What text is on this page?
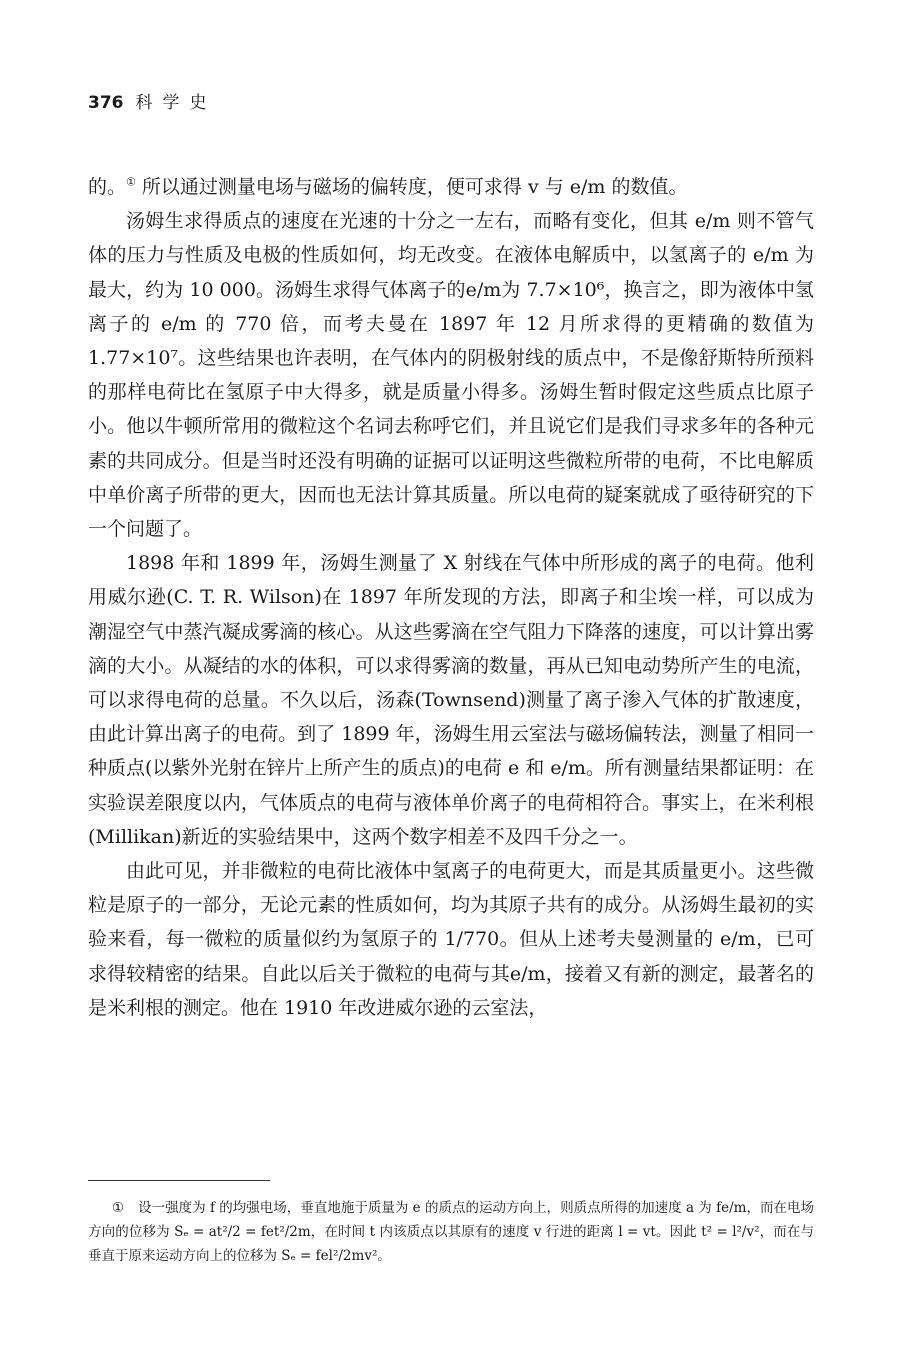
376 科学史

的。① 所以通过测量电场与磁场的偏转度，便可求得 v 与 e/m 的数值。

汤姆生求得质点的速度在光速的十分之一左右，而略有变化，但其 e/m 则不管气体的压力与性质及电极的性质如何，均无改变。在液体电解质中，以氢离子的 e/m 为最大，约为 10 000。汤姆生求得气体离子的e/m为 7.7×10⁶，换言之，即为液体中氢离子的 e/m 的 770 倍，而考夫曼在 1897 年 12 月所求得的更精确的数值为 1.77×10⁷。这些结果也许表明，在气体内的阴极射线的质点中，不是像舒斯特所预料的那样电荷比在氢原子中大得多，就是质量小得多。汤姆生暂时假定这些质点比原子小。他以牛顿所常用的微粒这个名词去称呼它们，并且说它们是我们寻求多年的各种元素的共同成分。但是当时还没有明确的证据可以证明这些微粒所带的电荷，不比电解质中单价离子所带的更大，因而也无法计算其质量。所以电荷的疑案就成了亟待研究的下一个问题了。

1898 年和 1899 年，汤姆生测量了 X 射线在气体中所形成的离子的电荷。他利用威尔逊(C. T. R. Wilson)在 1897 年所发现的方法，即离子和尘埃一样，可以成为潮湿空气中蒸汽凝成雾滴的核心。从这些雾滴在空气阻力下降落的速度，可以计算出雾滴的大小。从凝结的水的体积，可以求得雾滴的数量，再从已知电动势所产生的电流，可以求得电荷的总量。不久以后，汤森(Townsend)测量了离子渗入气体的扩散速度，由此计算出离子的电荷。到了 1899 年，汤姆生用云室法与磁场偏转法，测量了相同一种质点(以紫外光射在锌片上所产生的质点)的电荷 e 和 e/m。所有测量结果都证明：在实验误差限度以内，气体质点的电荷与液体单价离子的电荷相符合。事实上，在米利根(Millikan)新近的实验结果中，这两个数字相差不及四千分之一。

由此可见，并非微粒的电荷比液体中氢离子的电荷更大，而是其质量更小。这些微粒是原子的一部分，无论元素的性质如何，均为其原子共有的成分。从汤姆生最初的实验来看，每一微粒的质量似约为氢原子的 1/770。但从上述考夫曼测量的 e/m，已可求得较精密的结果。自此以后关于微粒的电荷与其e/m，接着又有新的测定，最著名的是米利根的测定。他在 1910 年改进威尔逊的云室法，

① 设一强度为 f 的均强电场，垂直地施于质量为 e 的质点的运动方向上，则质点所得的加速度 a 为 fe/m，而在电场方向的位移为 Sₑ = at²/2 = fet²/2m，在时间 t 内该质点以其原有的速度 v 行进的距离 l = vt。因此 t² = l²/v²，而在与垂直于原来运动方向上的位移为 Sₑ = fel²/2mv²。
